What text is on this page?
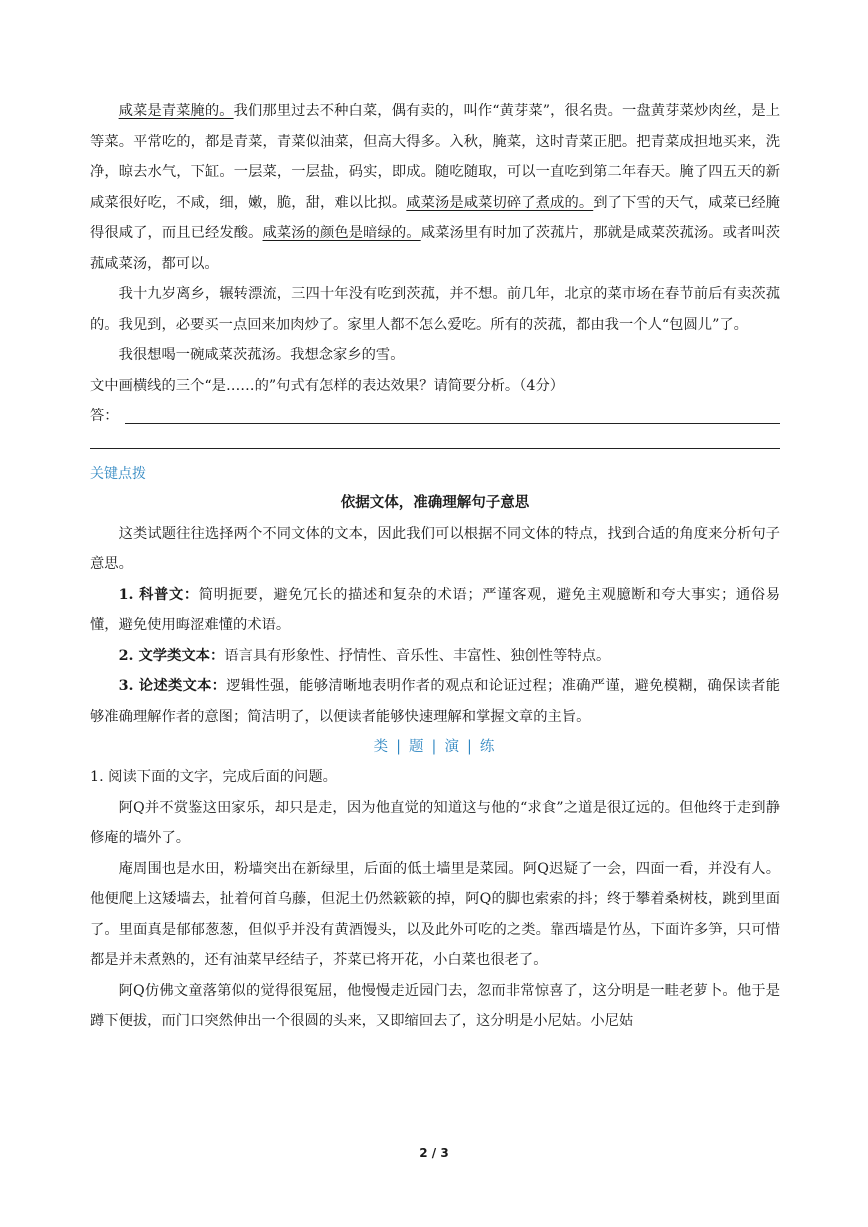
咸菜是青菜腌的。我们那里过去不种白菜，偶有卖的，叫作“黄芽菜”，很名贵。一盘黄芽菜炒肉丝，是上等菜。平常吃的，都是青菜，青菜似油菜，但高大得多。入秋，腌菜，这时青菜正肥。把青菜成担地买来，洗净，晾去水气，下缸。一层菜，一层盐，码实，即成。随吃随取，可以一直吃到第二年春天。腌了四五天的新咸菜很好吃，不咸，细，嫩，脆，甜，难以比拟。咸菜汤是咸菜切碎了煮成的。到了下雪的天气，咸菜已经腌得很咸了，而且已经发酸。咸菜汤的颜色是暗绿的。咸菜汤里有时加了茨菰片，那就是咸菜茨菰汤。或者叫茨菰咸菜汤，都可以。

我十九岁离乡，辗转漂流，三四十年没有吃到茨菰，并不想。前几年，北京的菜市场在春节前后有卖茨菰的。我见到，必要买一点回来加肉炒了。家里人都不怎么爱吃。所有的茨菰，都由我一个人“包圆儿”了。

我很想喝一碗咸菜茨菰汤。我想念家乡的雪。

文中画横线的三个“是……的”句式有怎样的表达效果？请简要分析。（4分）

答：

关键点拨
依据文体，准确理解句子意思

这类试题往往选择两个不同文体的文本，因此我们可以根据不同文体的特点，找到合适的角度来分析句子意思。

1. 科普文：简明扼要，避免冗长的描述和复杂的术语；严谨客观，避免主观臆断和夸大事实；通俗易懂，避免使用晦涩难懂的术语。

2. 文学类文本：语言具有形象性、抒情性、音乐性、丰富性、独创性等特点。

3. 论述类文本：逻辑性强，能够清晰地表明作者的观点和论证过程；准确严谨，避免模糊，确保读者能够准确理解作者的意图；简洁明了，以便读者能够快速理解和掌握文章的主旨。

类 | 题 | 演 | 练

1. 阅读下面的文字，完成后面的问题。

阿Q并不赏鉴这田家乐，却只是走，因为他直觉的知道这与他的“求食”之道是很辽远的。但他终于走到静修庵的墙外了。

庵周围也是水田，粉墙突出在新绿里，后面的低土墙里是菜园。阿Q迟疑了一会，四面一看，并没有人。他便爬上这矮墙去，扯着何首乌藤，但泥土仍然簌簌的掉，阿Q的脚也索索的抖；终于攀着桑树枝，跳到里面了。里面真是郁郁葱葱，但似乎并没有黄酒馒头，以及此外可吃的之类。靠西墙是竹丛，下面许多笋，只可惜都是并未煮熟的，还有油菜早经结子，芥菜已将开花，小白菜也很老了。

阿Q仿佛文童落第似的觉得很冤屈，他慢慢走近园门去，忽而非常惊喜了，这分明是一畦老萝卜。他于是蹲下便拔，而门口突然伸出一个很圆的头来，又即缩回去了，这分明是小尼姑。小尼姑

2 / 3
